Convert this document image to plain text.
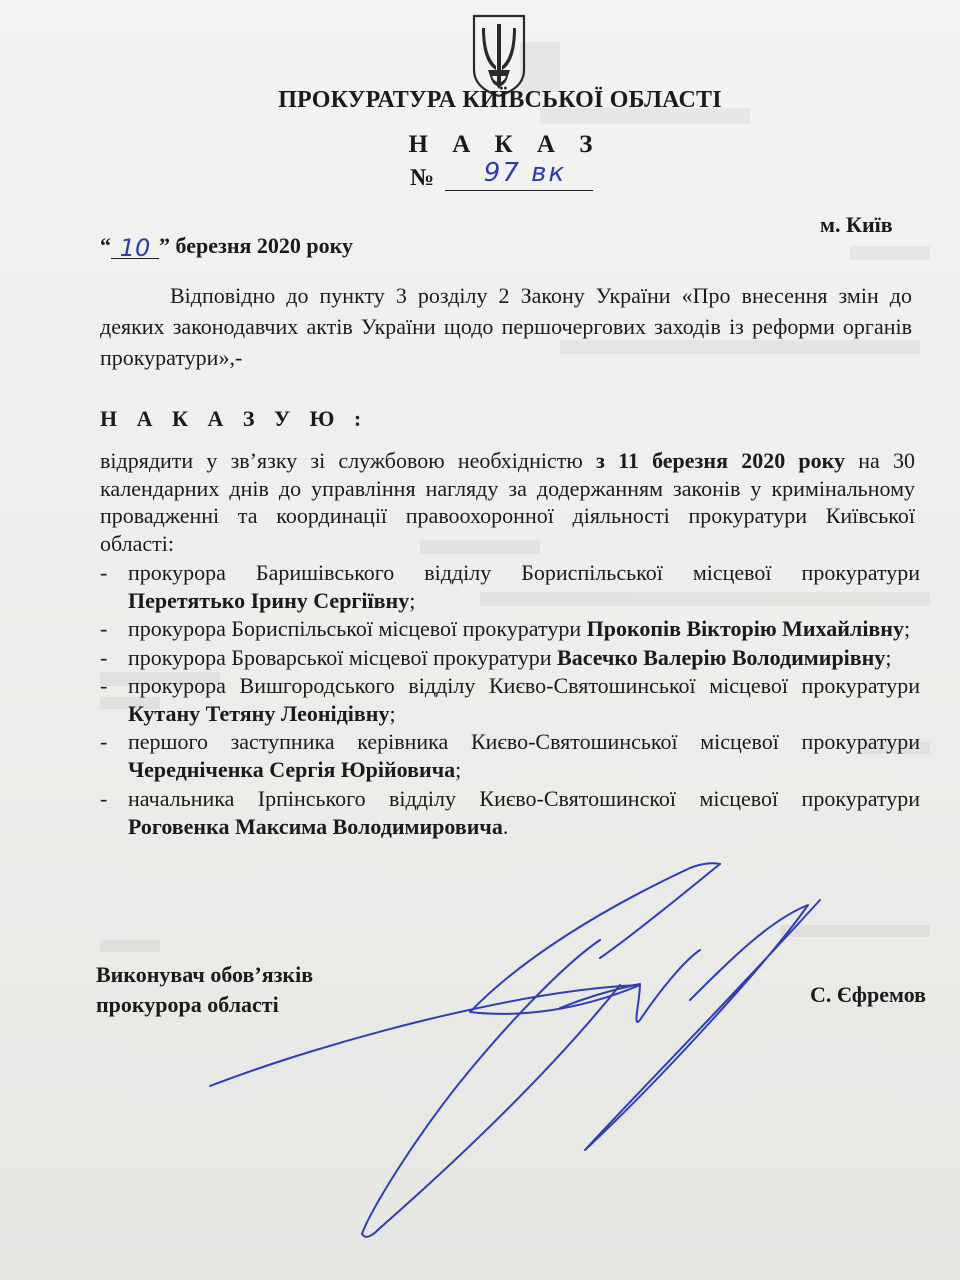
ПРОКУРАТУРА КИЇВСЬКОЇ ОБЛАСТІ
Н А К А З
№	97 вк
м. Київ
“ 10 ” березня 2020 року
Відповідно до пункту 3 розділу 2 Закону України «Про внесення змін до деяких законодавчих актів України щодо першочергових заходів із реформи органів прокуратури»,-
Н А К А З У Ю :
відрядити у зв’язку зі службовою необхідністю з 11 березня 2020 року на 30 календарних днів до управління нагляду за додержанням законів у кримінальному провадженні та координації правоохоронної діяльності прокуратури Київської області:
- прокурора Баришівського відділу Бориспільської місцевої прокуратури Перетятько Ірину Сергіївну;
- прокурора Бориспільської місцевої прокуратури Прокопів Вікторію Михайлівну;
- прокурора Броварської місцевої прокуратури Васечко Валерію Володимирівну;
- прокурора Вишгородського відділу Києво-Святошинської місцевої прокуратури Кутану Тетяну Леонідівну;
- першого заступника керівника Києво-Святошинської місцевої прокуратури Чередніченка Сергія Юрійовича;
- начальника Ірпінського відділу Києво-Святошинскої місцевої прокуратури Роговенка Максима Володимировича.
Виконувач обов’язків
прокурора області	С. Єфремов
